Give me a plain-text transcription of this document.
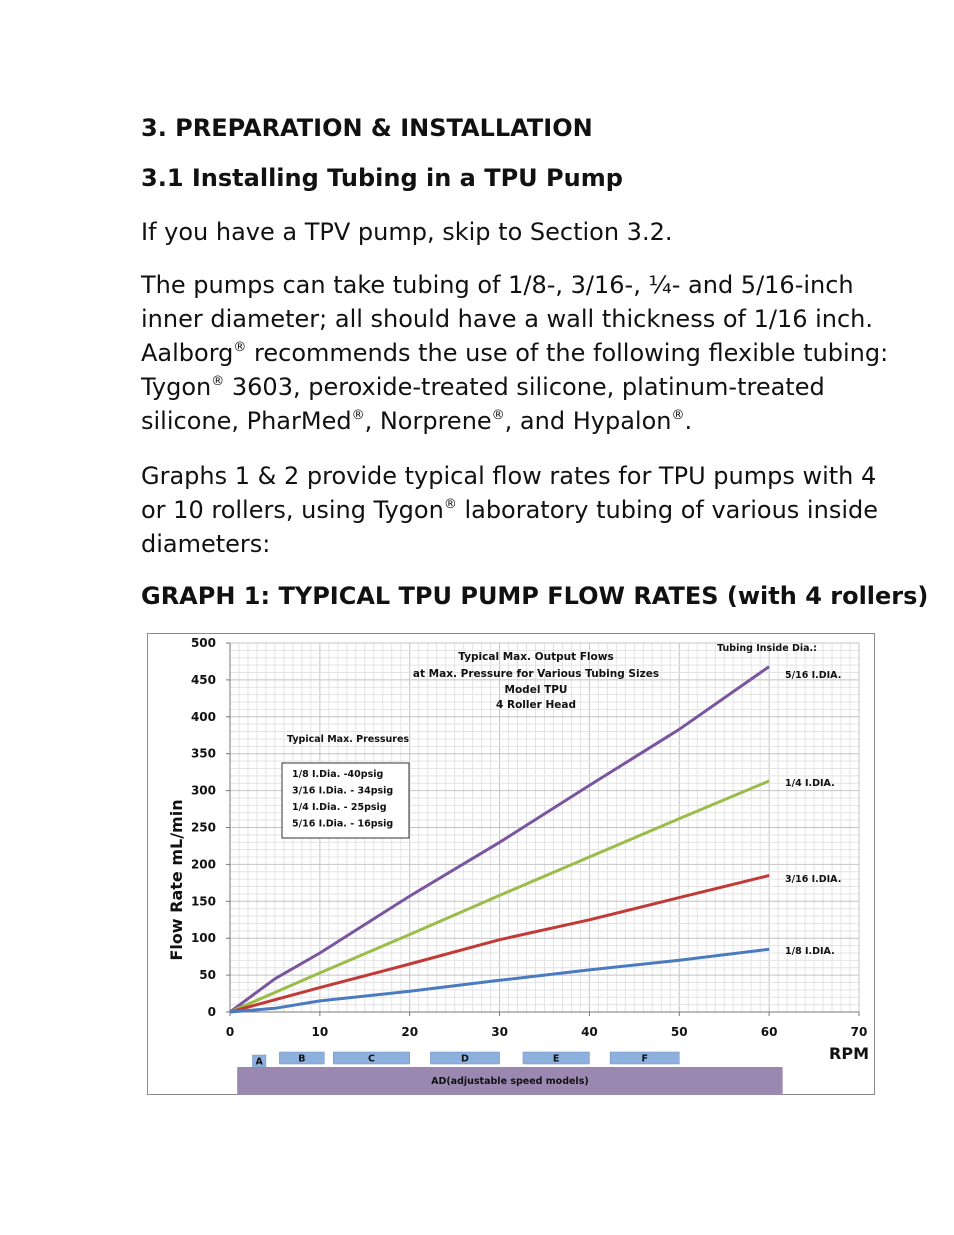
3. PREPARATION & INSTALLATION
3.1 Installing Tubing in a TPU Pump

If you have a TPV pump, skip to Section 3.2.

The pumps can take tubing of 1/8-, 3/16-, ¼- and 5/16-inch inner diameter; all should have a wall thickness of 1/16 inch. Aalborg® recommends the use of the following flexible tubing: Tygon® 3603, peroxide-treated silicone, platinum-treated silicone, PharMed®, Norprene®, and Hypalon®.

Graphs 1 & 2 provide typical flow rates for TPU pumps with 4 or 10 rollers, using Tygon® laboratory tubing of various inside diameters:

GRAPH 1: TYPICAL TPU PUMP FLOW RATES (with 4 rollers)
0
50
100
150
200
250
300
350
400
450
500
0	10	20	30	40	50	60	70
Flow Rate mL/min
RPM
Typical Max. Output Flows
at Max. Pressure for Various Tubing Sizes
Model TPU
4 Roller Head
Tubing Inside Dia.:
Typical Max. Pressures
1/8 I.Dia. -40psig
3/16 I.Dia. - 34psig
1/4 I.Dia. - 25psig
5/16 I.Dia. - 16psig
5/16 I.DIA.
1/4 I.DIA.
3/16 I.DIA.
1/8 I.DIA.
A	B	C	D	E	F
AD(adjustable speed models)
